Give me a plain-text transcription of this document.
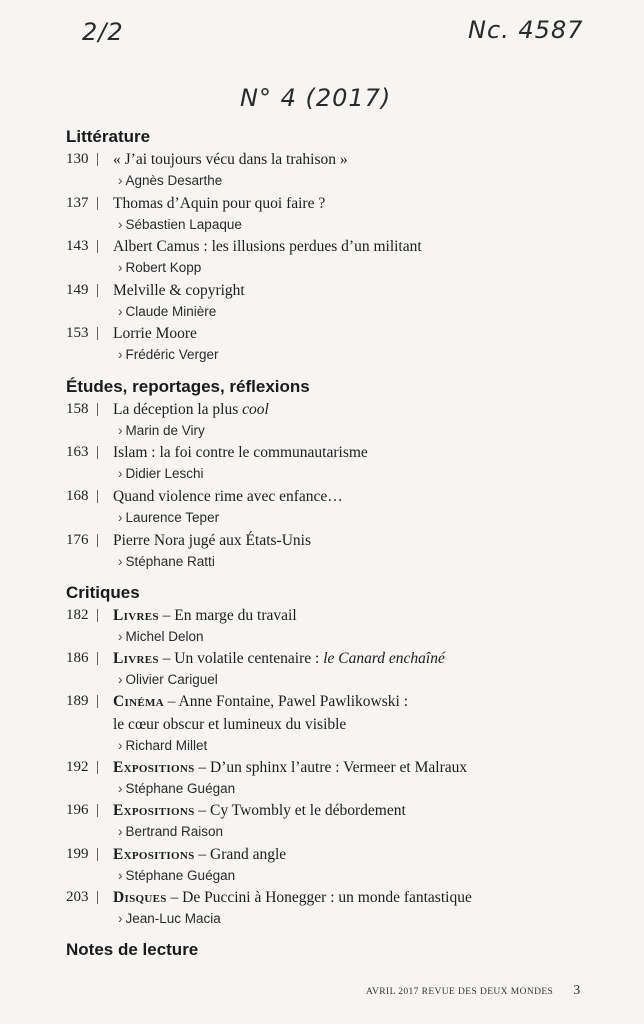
2/2	Nc. 4587
N° 4 (2017)
Littérature
130 | « J’ai toujours vécu dans la trahison »
› Agnès Desarthe
137 | Thomas d’Aquin pour quoi faire ?
› Sébastien Lapaque
143 | Albert Camus : les illusions perdues d’un militant
› Robert Kopp
149 | Melville & copyright
› Claude Minière
153 | Lorrie Moore
› Frédéric Verger
Études, reportages, réflexions
158 | La déception la plus cool
› Marin de Viry
163 | Islam : la foi contre le communautarisme
› Didier Leschi
168 | Quand violence rime avec enfance…
› Laurence Teper
176 | Pierre Nora jugé aux États-Unis
› Stéphane Ratti
Critiques
182 | Livres – En marge du travail
› Michel Delon
186 | Livres – Un volatile centenaire : le Canard enchaîné
› Olivier Cariguel
189 | Cinéma – Anne Fontaine, Pawel Pawlikowski :
le cœur obscur et lumineux du visible
› Richard Millet
192 | Expositions – D’un sphinx l’autre : Vermeer et Malraux
› Stéphane Guégan
196 | Expositions – Cy Twombly et le débordement
› Bertrand Raison
199 | Expositions – Grand angle
› Stéphane Guégan
203 | Disques – De Puccini à Honegger : un monde fantastique
› Jean-Luc Macia
Notes de lecture
AVRIL 2017 REVUE DES DEUX MONDES 3
